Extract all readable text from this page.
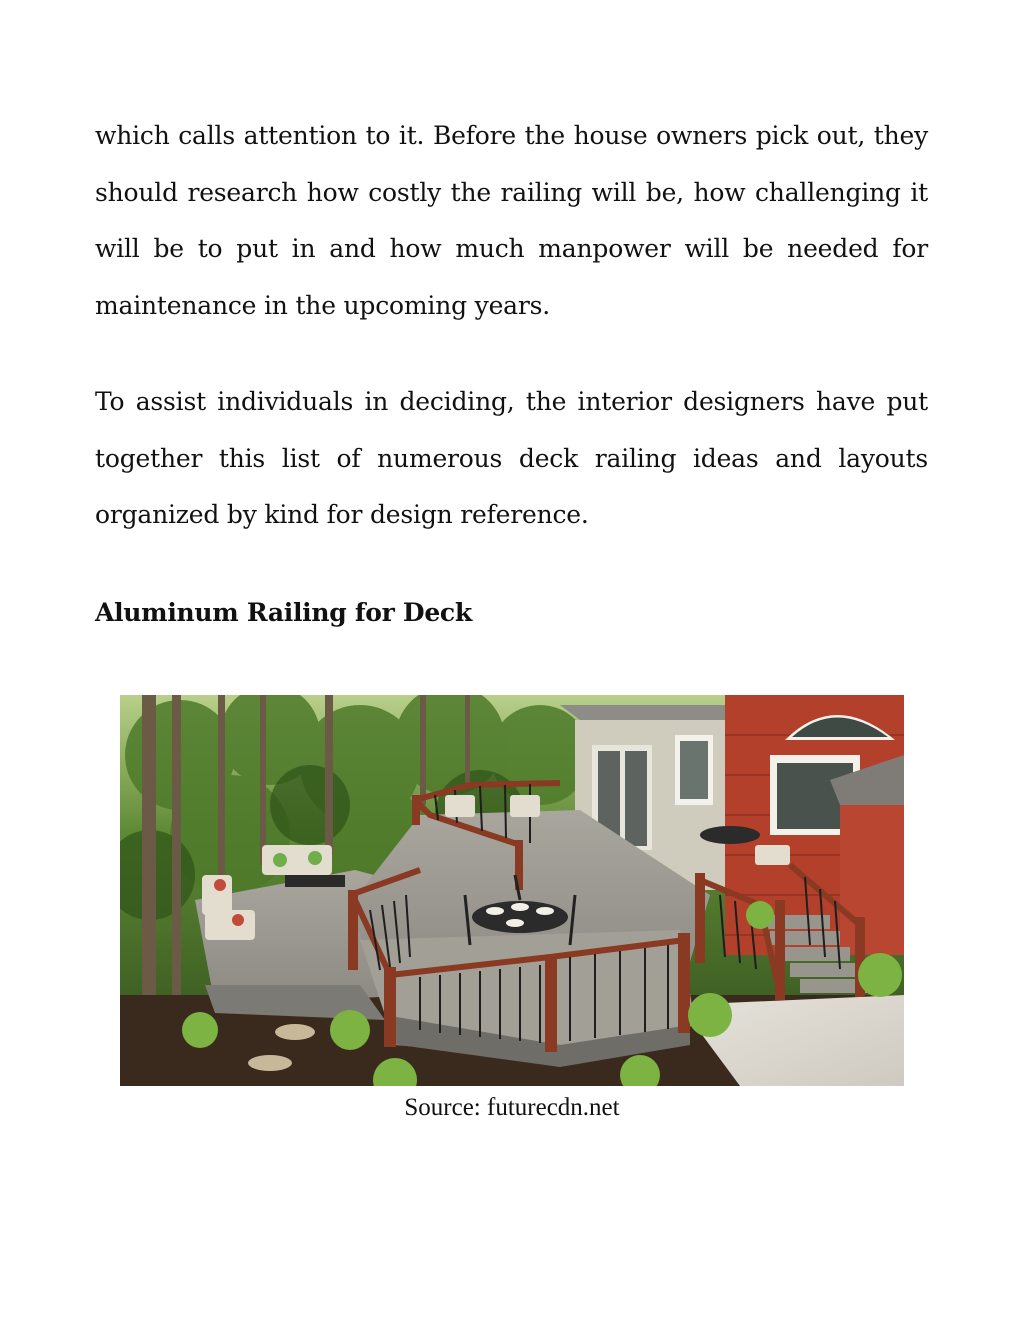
which calls attention to it. Before the house owners pick out, they should research how costly the railing will be, how challenging it will be to put in and how much manpower will be needed for maintenance in the upcoming years.

To assist individuals in deciding, the interior designers have put together this list of numerous deck railing ideas and layouts organized by kind for design reference.

Aluminum Railing for Deck
Source: futurecdn.net
